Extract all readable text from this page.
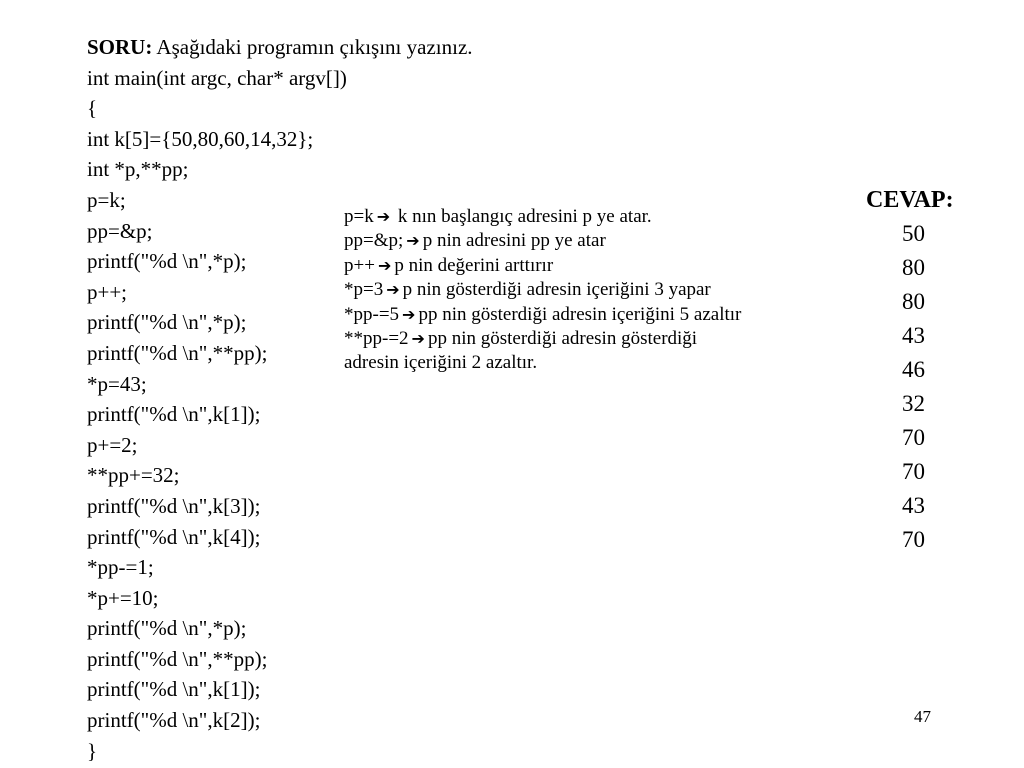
SORU: Aşağıdaki programın çıkışını yazınız.
int main(int argc, char* argv[])
{
int k[5]={50,80,60,14,32};
int *p,**pp;
p=k;
pp=&p;
printf("%d \n",*p);
p++;
printf("%d \n",*p);
printf("%d \n",**pp);
*p=43;
printf("%d \n",k[1]);
p+=2;
**pp+=32;
printf("%d \n",k[3]);
printf("%d \n",k[4]);
*pp-=1;
*p+=10;
printf("%d \n",*p);
printf("%d \n",**pp);
printf("%d \n",k[1]);
printf("%d \n",k[2]);
}
p=k ➔ k nın başlangıç adresini p ye atar.
pp=&p; ➔ p nin adresini pp ye atar
p++ ➔ p nin değerini arttırır
*p=3 ➔ p nin gösterdiği adresin içeriğini 3 yapar
*pp-=5 ➔ pp nin gösterdiği adresin içeriğini 5 azaltır
**pp-=2 ➔ pp nin gösterdiği adresin gösterdiği
adresin içeriğini 2 azaltır.
CEVAP:
50
80
80
43
46
32
70
70
43
70
47
